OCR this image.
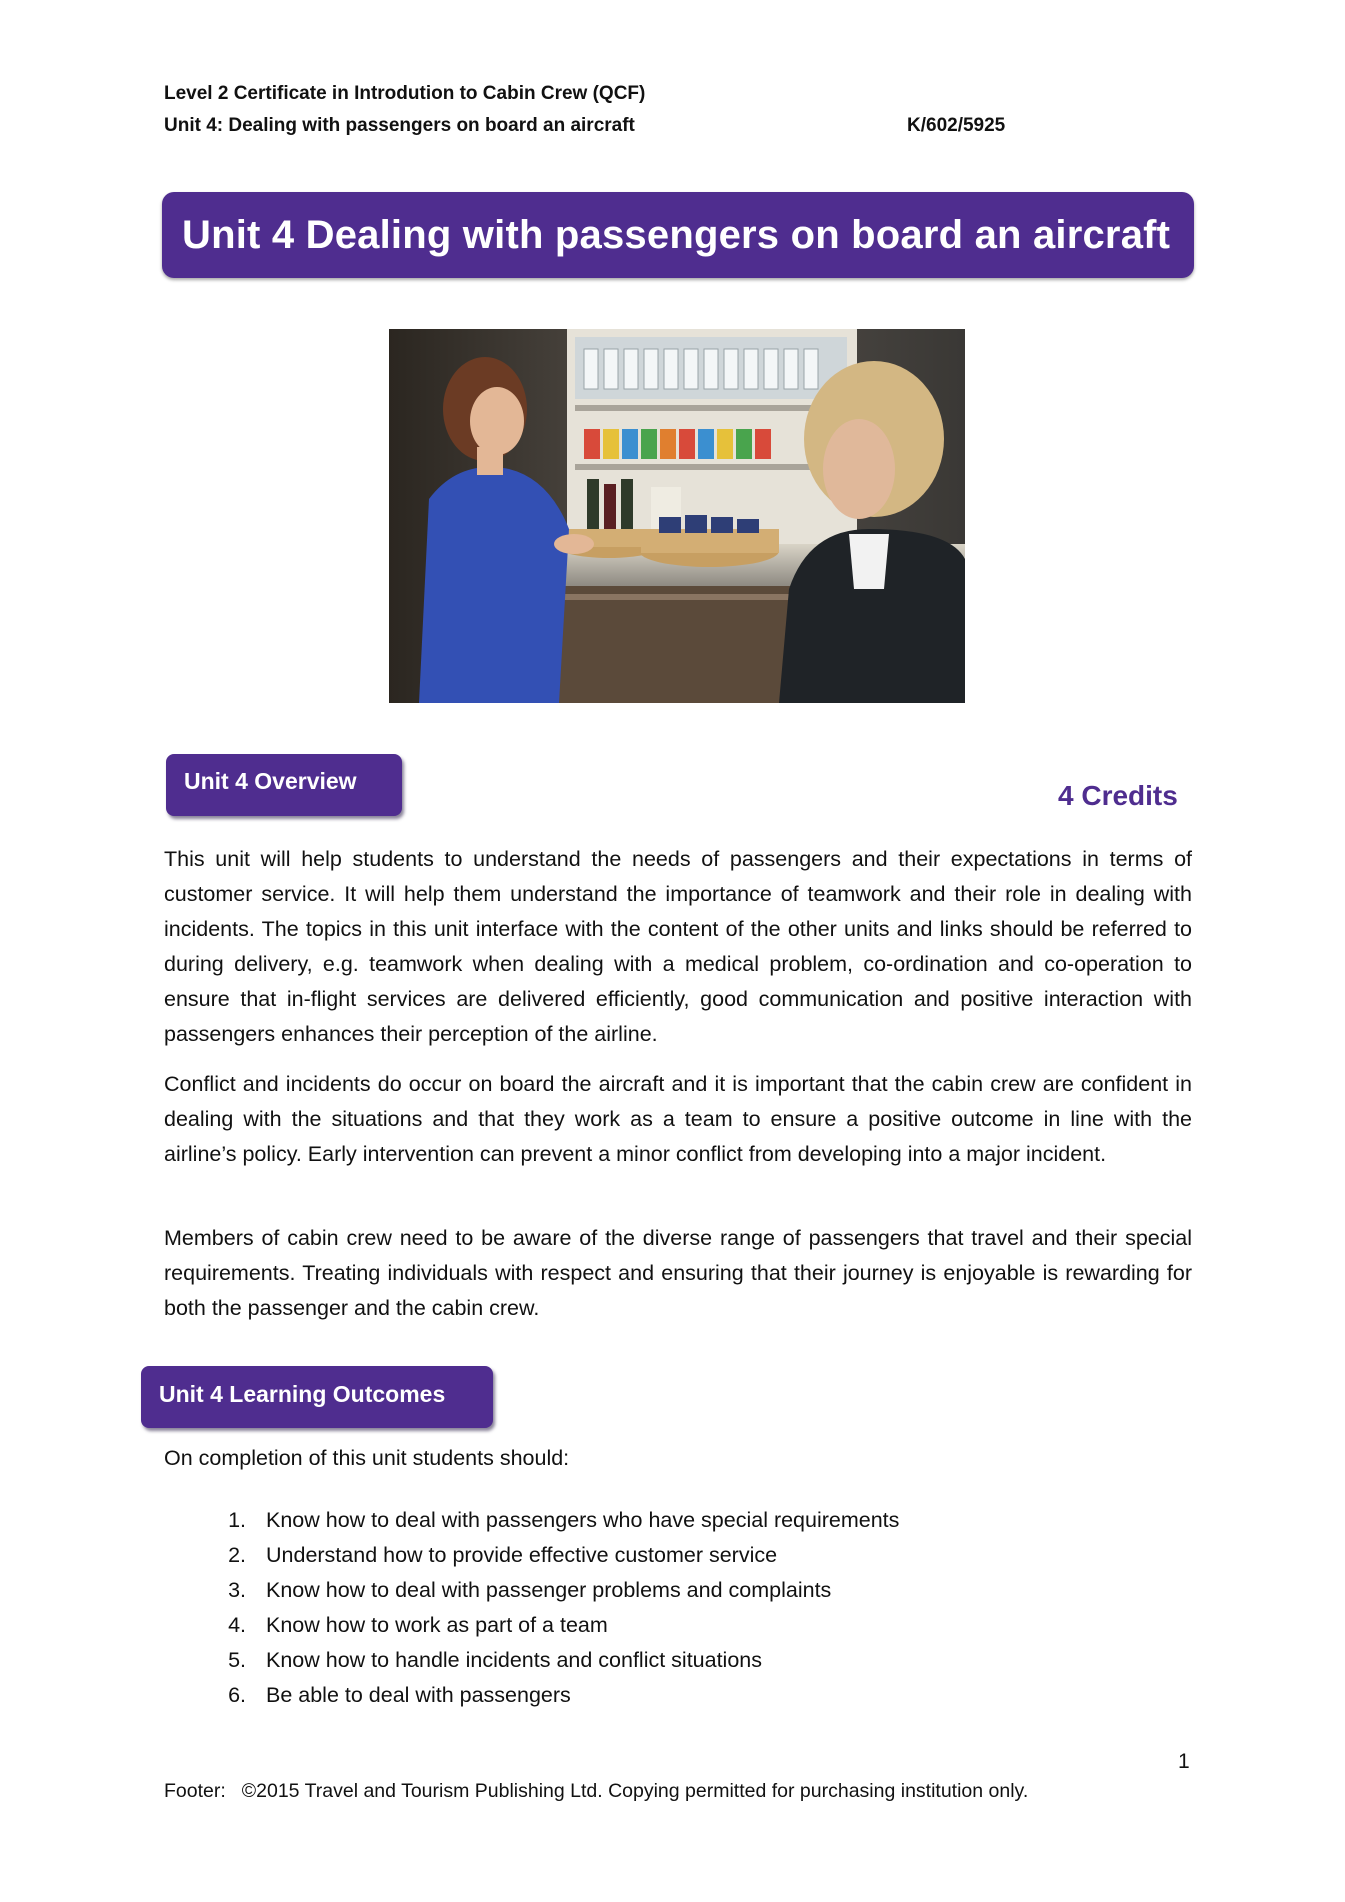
Level 2 Certificate in Introdution to Cabin Crew (QCF)
Unit 4: Dealing with passengers on board an aircraft	K/602/5925
Unit 4 Dealing with passengers on board an aircraft
Unit 4 Overview	4 Credits

This unit will help students to understand the needs of passengers and their expectations in terms of customer service. It will help them understand the importance of teamwork and their role in dealing with incidents. The topics in this unit interface with the content of the other units and links should be referred to during delivery, e.g. teamwork when dealing with a medical problem, co-ordination and co-operation to ensure that in-flight services are delivered efficiently, good communication and positive interaction with passengers enhances their perception of the airline.

Conflict and incidents do occur on board the aircraft and it is important that the cabin crew are confident in dealing with the situations and that they work as a team to ensure a positive outcome in line with the airline’s policy. Early intervention can prevent a minor conflict from developing into a major incident.

Members of cabin crew need to be aware of the diverse range of passengers that travel and their special requirements. Treating individuals with respect and ensuring that their journey is enjoyable is rewarding for both the passenger and the cabin crew.

Unit 4 Learning Outcomes

On completion of this unit students should:

1. Know how to deal with passengers who have special requirements
2. Understand how to provide effective customer service
3. Know how to deal with passenger problems and complaints
4. Know how to work as part of a team
5. Know how to handle incidents and conflict situations
6. Be able to deal with passengers
1
Footer: ©2015 Travel and Tourism Publishing Ltd. Copying permitted for purchasing institution only.
